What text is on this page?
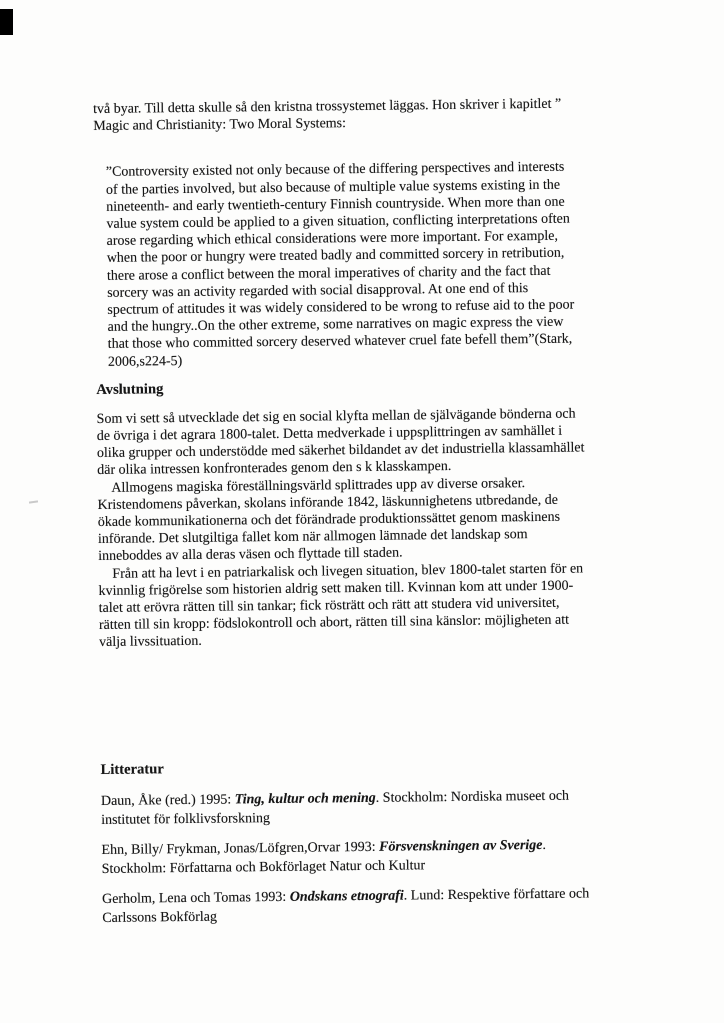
två byar. Till detta skulle så den kristna trossystemet läggas. Hon skriver i kapitlet ”
Magic and Christianity: Two Moral Systems:
”Controversity existed not only because of the differing perspectives and interests
of the parties involved, but also because of multiple value systems existing in the
nineteenth- and early twentieth-century Finnish countryside. When more than one
value system could be applied to a given situation, conflicting interpretations often
arose regarding which ethical considerations were more important. For example,
when the poor or hungry were treated badly and committed sorcery in retribution,
there arose a conflict between the moral imperatives of charity and the fact that
sorcery was an activity regarded with social disapproval. At one end of this
spectrum of attitudes it was widely considered to be wrong to refuse aid to the poor
and the hungry..On the other extreme, some narratives on magic express the view
that those who committed sorcery deserved whatever cruel fate befell them”(Stark,
2006,s224-5)
Avslutning
Som vi sett så utvecklade det sig en social klyfta mellan de självägande bönderna och
de övriga i det agrara 1800-talet. Detta medverkade i uppsplittringen av samhället i
olika grupper och understödde med säkerhet bildandet av det industriella klassamhället
där olika intressen konfronterades genom den s k klasskampen.
Allmogens magiska föreställningsvärld splittrades upp av diverse orsaker.
Kristendomens påverkan, skolans införande 1842, läskunnighetens utbredande, de
ökade kommunikationerna och det förändrade produktionssättet genom maskinens
införande. Det slutgiltiga fallet kom när allmogen lämnade det landskap som
inneboddes av alla deras väsen och flyttade till staden.
Från att ha levt i en patriarkalisk och livegen situation, blev 1800-talet starten för en
kvinnlig frigörelse som historien aldrig sett maken till. Kvinnan kom att under 1900-
talet att erövra rätten till sin tankar; fick rösträtt och rätt att studera vid universitet,
rätten till sin kropp: födslokontroll och abort, rätten till sina känslor: möjligheten att
välja livssituation.
Litteratur
Daun, Åke (red.) 1995: Ting, kultur och mening. Stockholm: Nordiska museet och
institutet för folklivsforskning
Ehn, Billy/ Frykman, Jonas/Löfgren,Orvar 1993: Försvenskningen av Sverige.
Stockholm: Författarna och Bokförlaget Natur och Kultur
Gerholm, Lena och Tomas 1993: Ondskans etnografi. Lund: Respektive författare och
Carlssons Bokförlag
